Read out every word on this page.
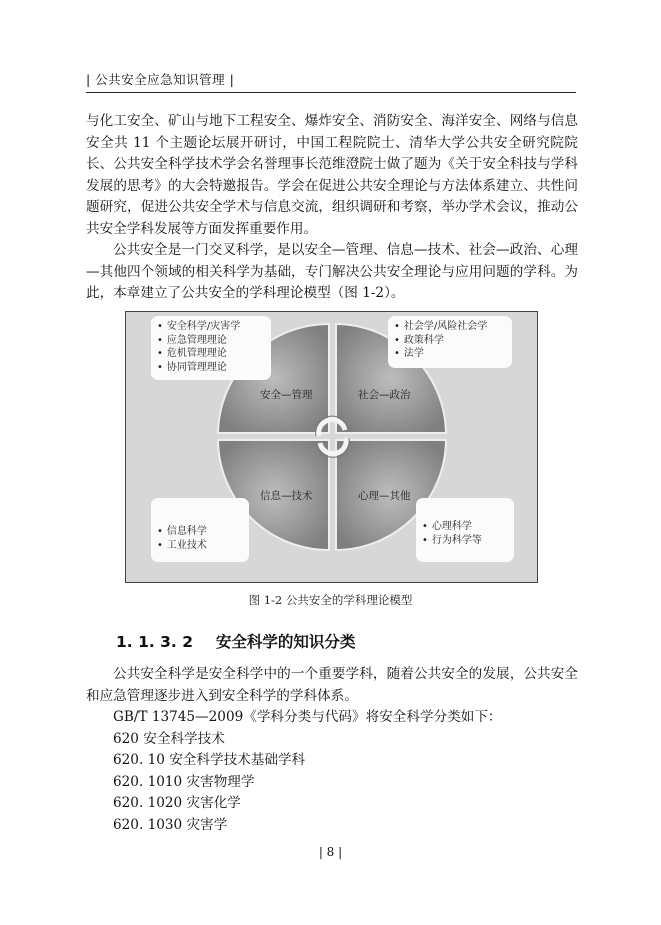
| 公共安全应急知识管理 |

与化工安全、矿山与地下工程安全、爆炸安全、消防安全、海洋安全、网络与信息安全共 11 个主题论坛展开研讨，中国工程院院士、清华大学公共安全研究院院长、公共安全科学技术学会名誉理事长范维澄院士做了题为《关于安全科技与学科发展的思考》的大会特邀报告。学会在促进公共安全理论与方法体系建立、共性问题研究，促进公共安全学术与信息交流，组织调研和考察，举办学术会议，推动公共安全学科发展等方面发挥重要作用。

公共安全是一门交叉科学，是以安全—管理、信息—技术、社会—政治、心理—其他四个领域的相关科学为基础，专门解决公共安全理论与应用问题的学科。为此，本章建立了公共安全的学科理论模型（图 1-2）。

• 安全科学/灾害学
• 应急管理理论
• 危机管理理论
• 协同管理理论
• 社会学/风险社会学
• 政策科学
• 法学
• 信息科学
• 工业技术
• 心理科学
• 行为科学等
安全—管理	社会—政治
信息—技术	心理—其他
图 1-2 公共安全的学科理论模型
1. 1. 3. 2 安全科学的知识分类

公共安全科学是安全科学中的一个重要学科，随着公共安全的发展，公共安全和应急管理逐步进入到安全科学的学科体系。

GB/T 13745—2009《学科分类与代码》将安全科学分类如下：

620 安全科学技术

620. 10 安全科学技术基础学科

620. 1010 灾害物理学

620. 1020 灾害化学

620. 1030 灾害学

| 8 |
